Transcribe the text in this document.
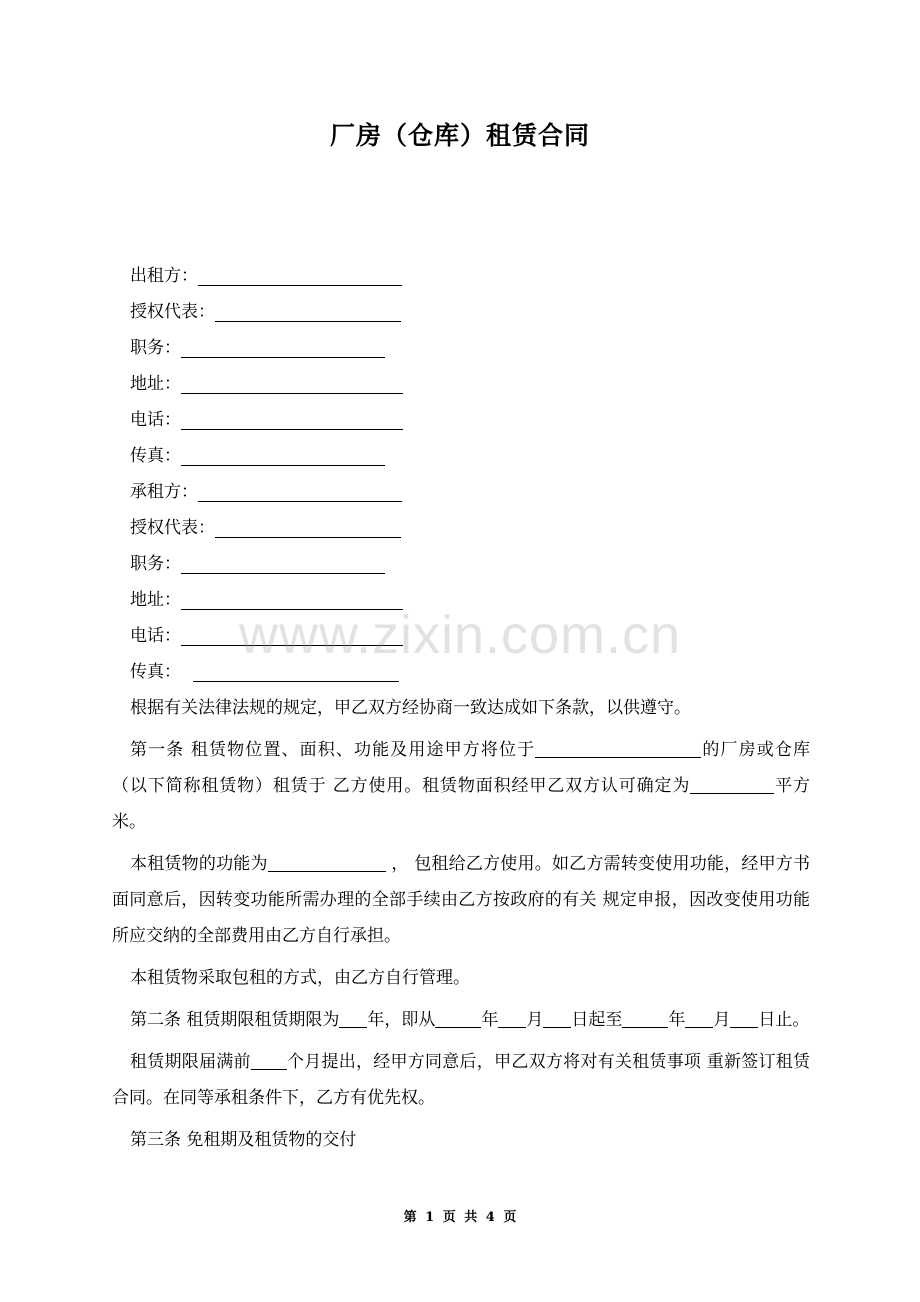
厂房（仓库）租赁合同
出租方：
授权代表：
职务：
地址：
电话：
传真：
承租方：
授权代表：
职务：
地址：
电话：
传真：

根据有关法律法规的规定，甲乙双方经协商一致达成如下条款，以供遵守。

第一条 租赁物位置、面积、功能及用途甲方将位于	的厂房或仓库（以下简称租赁物）租赁于 乙方使用。租赁物面积经甲乙双方认可确定为	平方米。

本租赁物的功能为	， 包租给乙方使用。如乙方需转变使用功能，经甲方书面同意后，因转变功能所需办理的全部手续由乙方按政府的有关 规定申报，因改变使用功能所应交纳的全部费用由乙方自行承担。

本租赁物采取包租的方式，由乙方自行管理。

第二条 租赁期限租赁期限为 年，即从	年 月 日起至	年 月 日止。

租赁期限届满前 个月提出，经甲方同意后，甲乙双方将对有关租赁事项 重新签订租赁合同。在同等承租条件下，乙方有优先权。

第三条 免租期及租赁物的交付

www.zixin.com.cn
第 1 页 共 4 页
